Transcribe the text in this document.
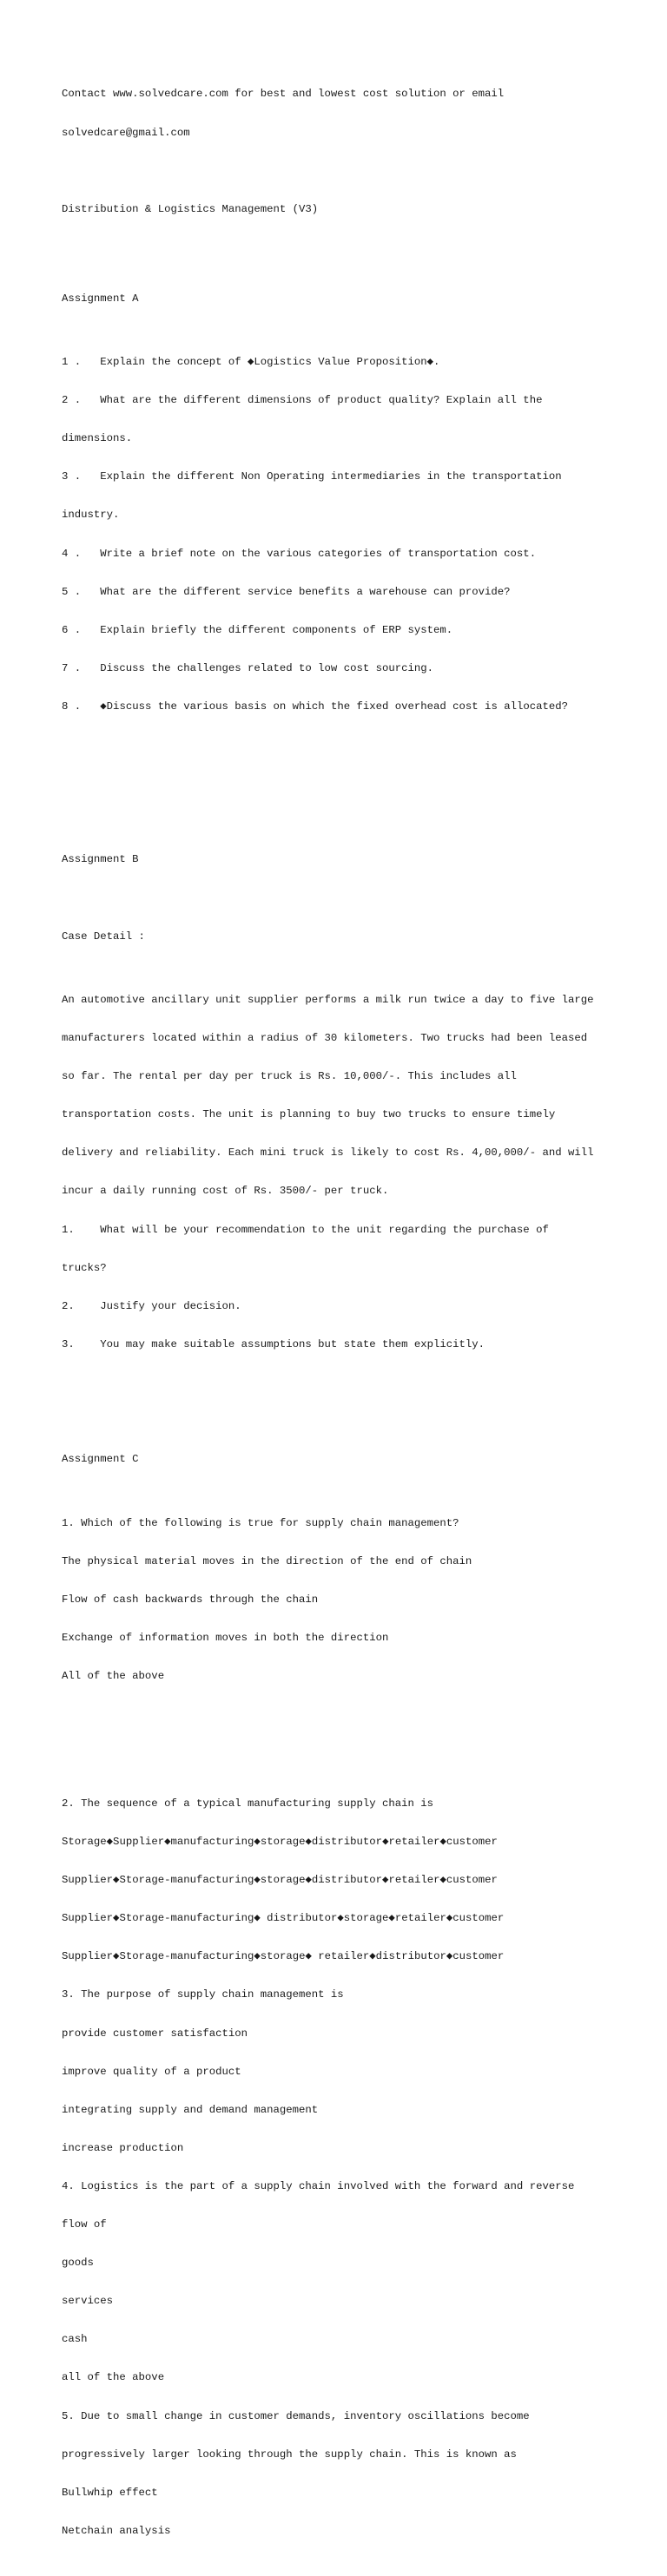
Contact www.solvedcare.com for best and lowest cost solution or email

solvedcare@gmail.com

Distribution & Logistics Management (V3)

Assignment A

1 .   Explain the concept of ◆Logistics Value Proposition◆.

2 .   What are the different dimensions of product quality? Explain all the

dimensions.

3 .   Explain the different Non Operating intermediaries in the transportation

industry.

4 .   Write a brief note on the various categories of transportation cost.

5 .   What are the different service benefits a warehouse can provide?

6 .   Explain briefly the different components of ERP system.

7 .   Discuss the challenges related to low cost sourcing.

8 .   ◆Discuss the various basis on which the fixed overhead cost is allocated?

Assignment B

Case Detail :

An automotive ancillary unit supplier performs a milk run twice a day to five large

manufacturers located within a radius of 30 kilometers. Two trucks had been leased

so far. The rental per day per truck is Rs. 10,000/-. This includes all

transportation costs. The unit is planning to buy two trucks to ensure timely

delivery and reliability. Each mini truck is likely to cost Rs. 4,00,000/- and will

incur a daily running cost of Rs. 3500/- per truck.

1.    What will be your recommendation to the unit regarding the purchase of

trucks?

2.    Justify your decision.

3.    You may make suitable assumptions but state them explicitly.

Assignment C

1. Which of the following is true for supply chain management?

The physical material moves in the direction of the end of chain

Flow of cash backwards through the chain

Exchange of information moves in both the direction

All of the above

2. The sequence of a typical manufacturing supply chain is

Storage◆Supplier◆manufacturing◆storage◆distributor◆retailer◆customer

Supplier◆Storage-manufacturing◆storage◆distributor◆retailer◆customer

Supplier◆Storage-manufacturing◆ distributor◆storage◆retailer◆customer

Supplier◆Storage-manufacturing◆storage◆ retailer◆distributor◆customer

3. The purpose of supply chain management is

provide customer satisfaction

improve quality of a product

integrating supply and demand management

increase production

4. Logistics is the part of a supply chain involved with the forward and reverse

flow of

goods

services

cash

all of the above

5. Due to small change in customer demands, inventory oscillations become

progressively larger looking through the supply chain. This is known as

Bullwhip effect

Netchain analysis
